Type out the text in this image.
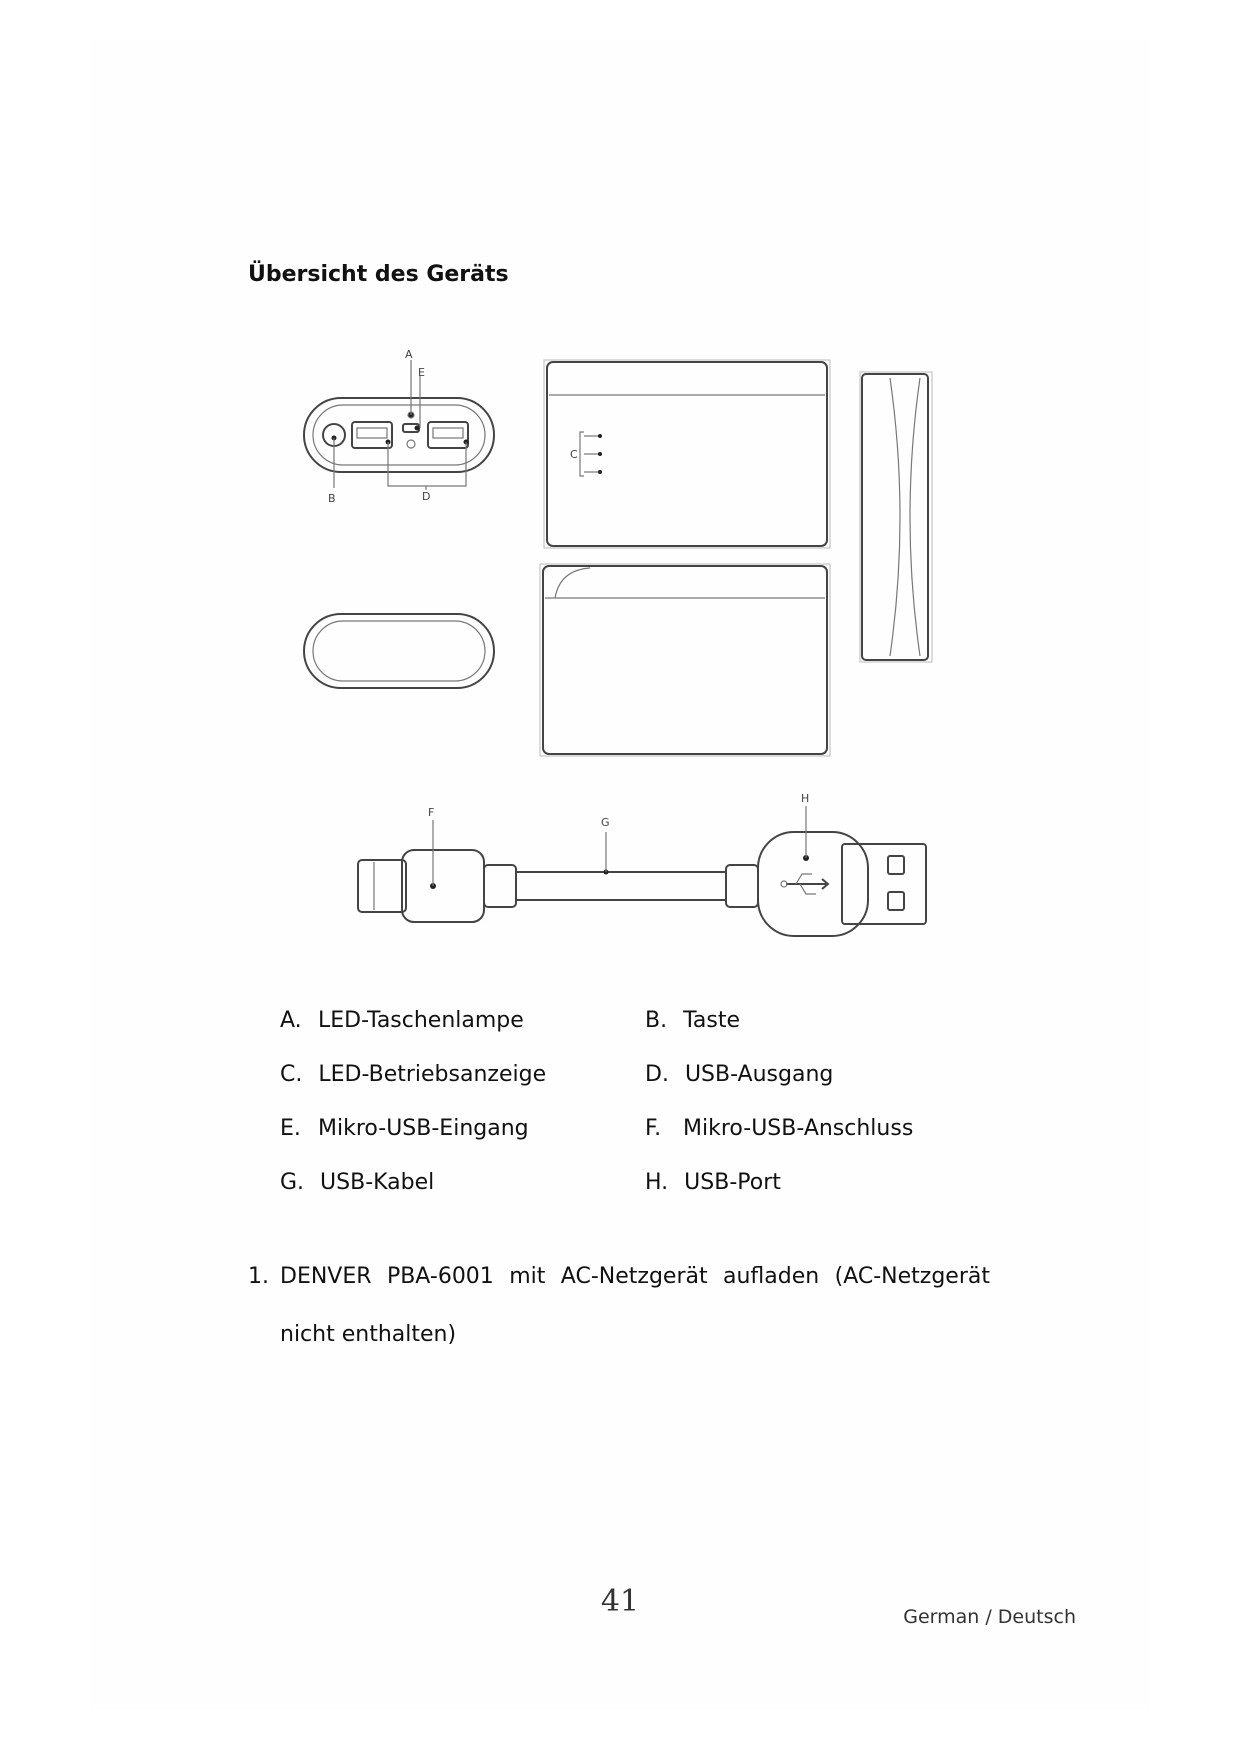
Übersicht des Geräts
A
E
B	D
C
F
G
H
A. LED-Taschenlampe	B. Taste
C. LED-Betriebsanzeige	D. USB-Ausgang
E. Mikro-USB-Eingang	F. Mikro-USB-Anschluss
G. USB-Kabel	H. USB-Port
1. DENVER PBA-6001 mit AC-Netzgerät aufladen (AC-Netzgerät nicht enthalten)
41	German / Deutsch
